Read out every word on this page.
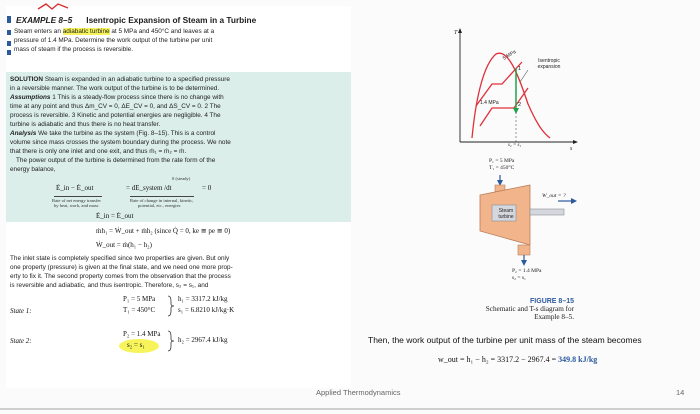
EXAMPLE 8–5 Isentropic Expansion of Steam in a Turbine
Steam enters an adiabatic turbine at 5 MPa and 450°C and leaves at a
pressure of 1.4 MPa. Determine the work output of the turbine per unit
mass of steam if the process is reversible.
SOLUTION Steam is expanded in an adiabatic turbine to a specified pressure
in a reversible manner. The work output of the turbine is to be determined.
Assumptions 1 This is a steady-flow process since there is no change with
time at any point and thus Δm_CV = 0, ΔE_CV = 0, and ΔS_CV = 0. 2 The
process is reversible. 3 Kinetic and potential energies are negligible. 4 The
turbine is adiabatic and thus there is no heat transfer.
Analysis We take the turbine as the system (Fig. 8–15). This is a control
volume since mass crosses the system boundary during the process. We note
that there is only one inlet and one exit, and thus ṁ₁ = ṁ₂ = ṁ.
The power output of the turbine is determined from the rate form of the
energy balance,
0 (steady)
Ė_in − Ė_out	= dE_system /dt	= 0
Rate of net energy transfer
by heat, work, and mass
Rate of change in internal, kinetic,
potential, etc., energies
Ė_in = Ė_out
ṁh₁ = Ẇ_out + ṁh₂ (since Q̇ = 0, ke ≅ pe ≅ 0)
Ẇ_out = ṁ(h₁ − h₂)
The inlet state is completely specified since two properties are given. But only
one property (pressure) is given at the final state, and we need one more prop-
erty to fix it. The second property comes from the observation that the process
is reversible and adiabatic, and thus isentropic. Therefore, s₂ = s₁, and
State 1:
P₁ = 5 MPa
T₁ = 450°C
h₁ = 3317.2 kJ/kg
s₁ = 6.8210 kJ/kg·K
State 2:
P₂ = 1.4 MPa
s₂ = s₁
h₂ = 2967.4 kJ/kg
T
s
5 MPa
1.4 MPa
1
2
s₂ = s₁
Isentropic expansion
P₁ = 5 MPa
T₁ = 450°C
Steam
turbine
W_out = ?
P₂ = 1.4 MPa
s₂ = s₁
FIGURE 8–15
Schematic and T-s diagram for
Example 8–5.
Then, the work output of the turbine per unit mass of the steam becomes
w_out = h₁ − h₂ = 3317.2 − 2967.4 = 349.8 kJ/kg
Applied Thermodynamics	14
